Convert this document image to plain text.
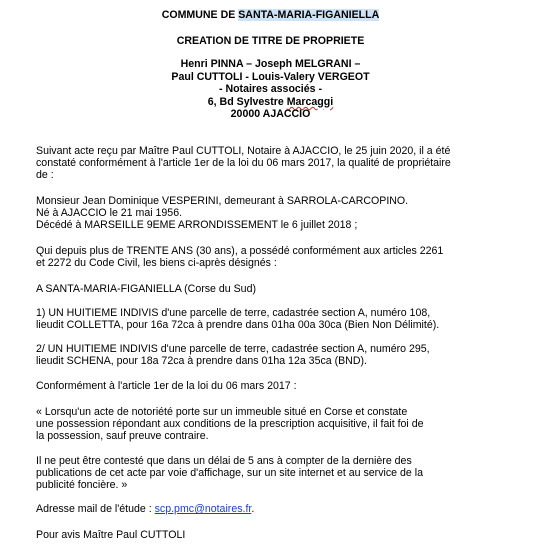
COMMUNE DE SANTA-MARIA-FIGANIELLA
CREATION DE TITRE DE PROPRIETE
Henri PINNA – Joseph MELGRANI –
Paul CUTTOLI - Louis-Valery VERGEOT
- Notaires associés -
6, Bd Sylvestre Marcaggi
20000 AJACCIO
Suivant acte reçu par Maître Paul CUTTOLI, Notaire à AJACCIO, le 25 juin 2020, il a été
constaté conformément à l'article 1er de la loi du 06 mars 2017, la qualité de propriétaire
de :
Monsieur Jean Dominique VESPERINI, demeurant à SARROLA-CARCOPINO.
Né à AJACCIO le 21 mai 1956.
Décédé à MARSEILLE 9EME ARRONDISSEMENT le 6 juillet 2018 ;
Qui depuis plus de TRENTE ANS (30 ans), a possédé conformément aux articles 2261
et 2272 du Code Civil, les biens ci-après désignés :
A SANTA-MARIA-FIGANIELLA (Corse du Sud)
1) UN HUITIEME INDIVIS d'une parcelle de terre, cadastrée section A, numéro 108,
lieudit COLLETTA, pour 16a 72ca à prendre dans 01ha 00a 30ca (Bien Non Délimité).
2/ UN HUITIEME INDIVIS d'une parcelle de terre, cadastrée section A, numéro 295,
lieudit SCHENA, pour 18a 72ca à prendre dans 01ha 12a 35ca (BND).
Conformément à l'article 1er de la loi du 06 mars 2017 :
« Lorsqu'un acte de notoriété porte sur un immeuble situé en Corse et constate
une possession répondant aux conditions de la prescription acquisitive, il fait foi de
la possession, sauf preuve contraire.
Il ne peut être contesté que dans un délai de 5 ans à compter de la dernière des
publications de cet acte par voie d'affichage, sur un site internet et au service de la
publicité foncière. »
Adresse mail de l'étude : scp.pmc@notaires.fr.
Pour avis Maître Paul CUTTOLI
